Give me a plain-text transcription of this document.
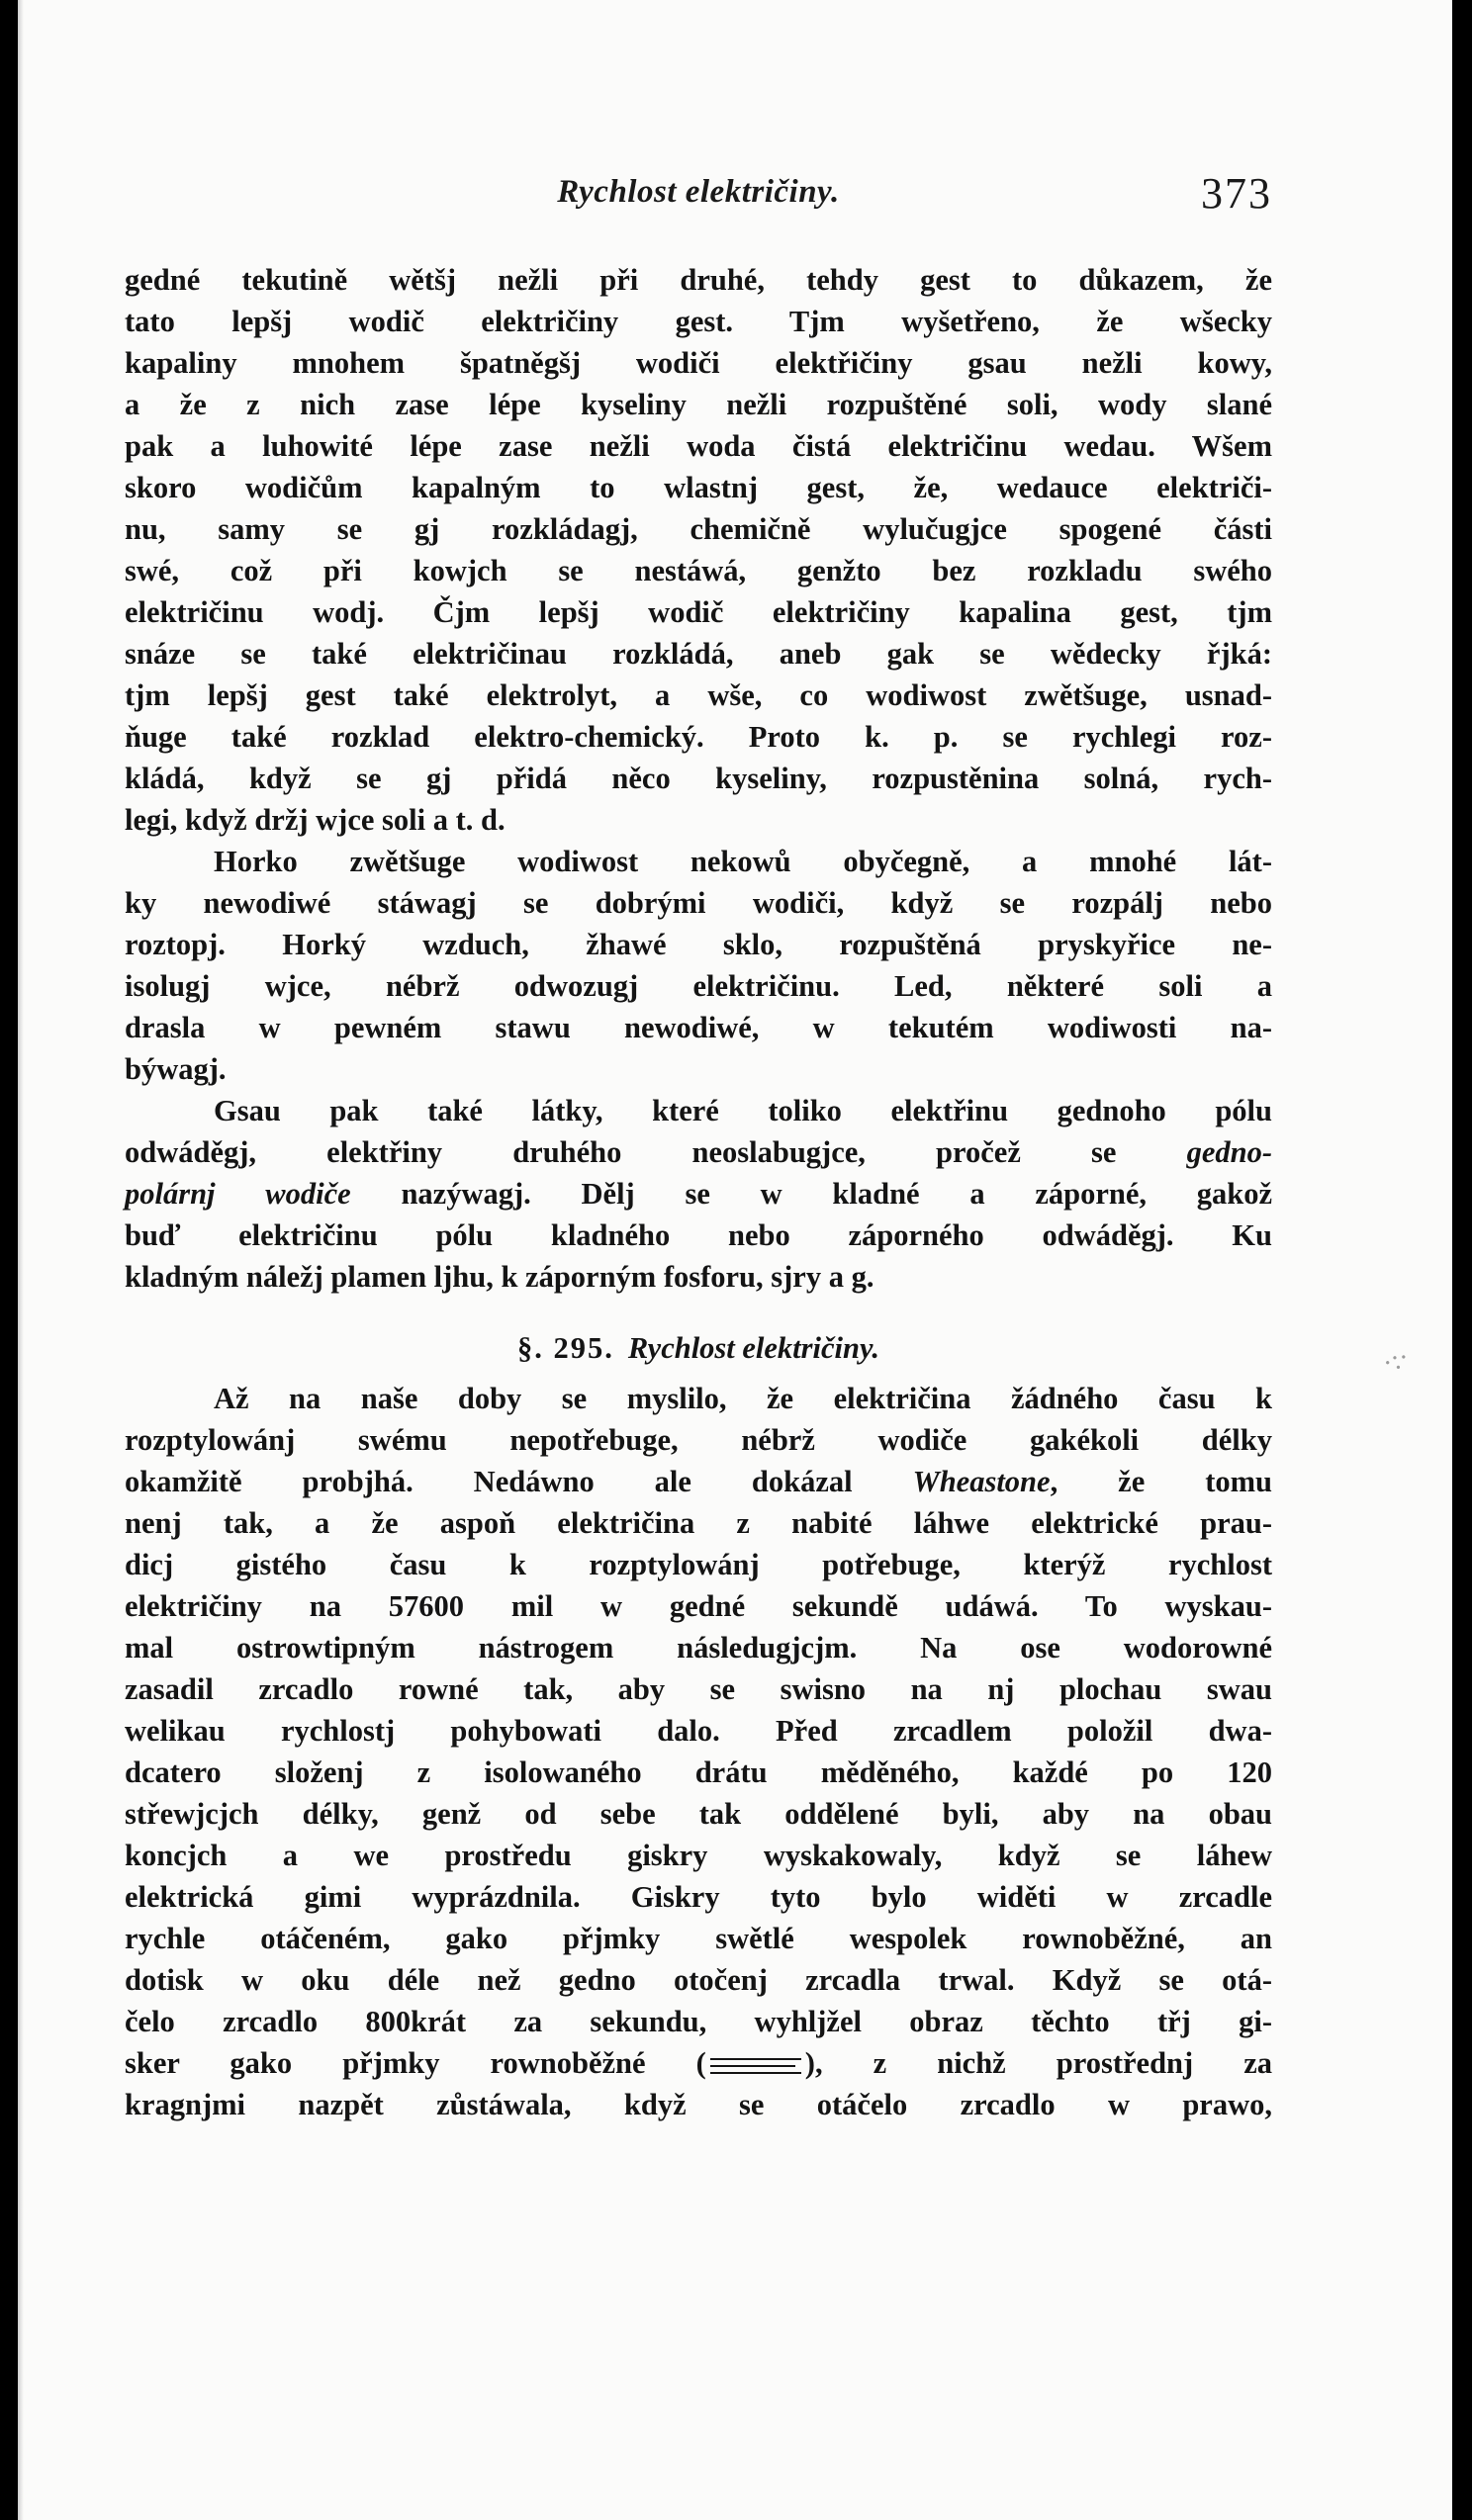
Rychlost električiny.	373
gedné tekutině wětšj nežli při druhé, tehdy gest to důkazem, že
tato lepšj wodič električiny gest. Tjm wyšetřeno, že wšecky
kapaliny mnohem špatněgšj wodiči elektřičiny gsau nežli kowy,
a že z nich zase lépe kyseliny nežli rozpuštěné soli, wody slané
pak a luhowité lépe zase nežli woda čistá električinu wedau. Wšem
skoro wodičům kapalným to wlastnj gest, že, wedauce električi-
nu, samy se gj rozkládagj, chemičně wylučugjce spogené části
swé, což při kowjch se nestáwá, genžto bez rozkladu swého
električinu wodj. Čjm lepšj wodič električiny kapalina gest, tjm
snáze se také električinau rozkládá, aneb gak se wědecky řjká:
tjm lepšj gest také elektrolyt, a wše, co wodiwost zwětšuge, usnad-
ňuge také rozklad elektro-chemický. Proto k. p. se rychlegi roz-
kládá, když se gj přidá něco kyseliny, rozpustěnina solná, rych-
legi, když držj wjce soli a t. d.
Horko zwětšuge wodiwost nekowů obyčegně, a mnohé lát-
ky newodiwé stáwagj se dobrými wodiči, když se rozpálj nebo
roztopj. Horký wzduch, žhawé sklo, rozpuštěná pryskyřice ne-
isolugj wjce, nébrž odwozugj električinu. Led, některé soli a
drasla w pewném stawu newodiwé, w tekutém wodiwosti na-
býwagj.
Gsau pak také látky, které toliko elektřinu gednoho pólu
odwáděgj, elektřiny druhého neoslabugjce, pročež se gedno-
polárnj wodiče nazýwagj. Dělj se w kladné a záporné, gakož
buď električinu pólu kladného nebo záporného odwáděgj. Ku
kladným náležj plamen ljhu, k záporným fosforu, sjry a g.
§. 295. Rychlost električiny.
Až na naše doby se myslilo, že električina žádného času k
rozptylowánj swému nepotřebuge, nébrž wodiče gakékoli délky
okamžitě probjhá. Nedáwno ale dokázal Wheastone, že tomu
nenj tak, a že aspoň električina z nabité láhwe elektrické prau-
dicj gistého času k rozptylowánj potřebuge, kterýž rychlost
električiny na 57600 mil w gedné sekundě udáwá. To wyskau-
mal ostrowtipným nástrogem následugjcjm. Na ose wodorowné
zasadil zrcadlo rowné tak, aby se swisno na nj plochau swau
welikau rychlostj pohybowati dalo. Před zrcadlem položil dwa-
dcatero složenj z isolowaného drátu měděného, každé po 120
střewjcjch délky, genž od sebe tak oddělené byli, aby na obau
koncjch a we prostředu giskry wyskakowaly, když se láhew
elektrická gimi wyprázdnila. Giskry tyto bylo widěti w zrcadle
rychle otáčeném, gako přjmky swětlé wespolek rownoběžné, an
dotisk w oku déle než gedno otočenj zrcadla trwal. Když se otá-
čelo zrcadlo 800krát za sekundu, wyhljžel obraz těchto třj gi-
sker gako přjmky rownoběžné (	), z nichž prostřednj za
kragnjmi nazpět zůstáwala, když se otáčelo zrcadlo w prawo,
·:·
